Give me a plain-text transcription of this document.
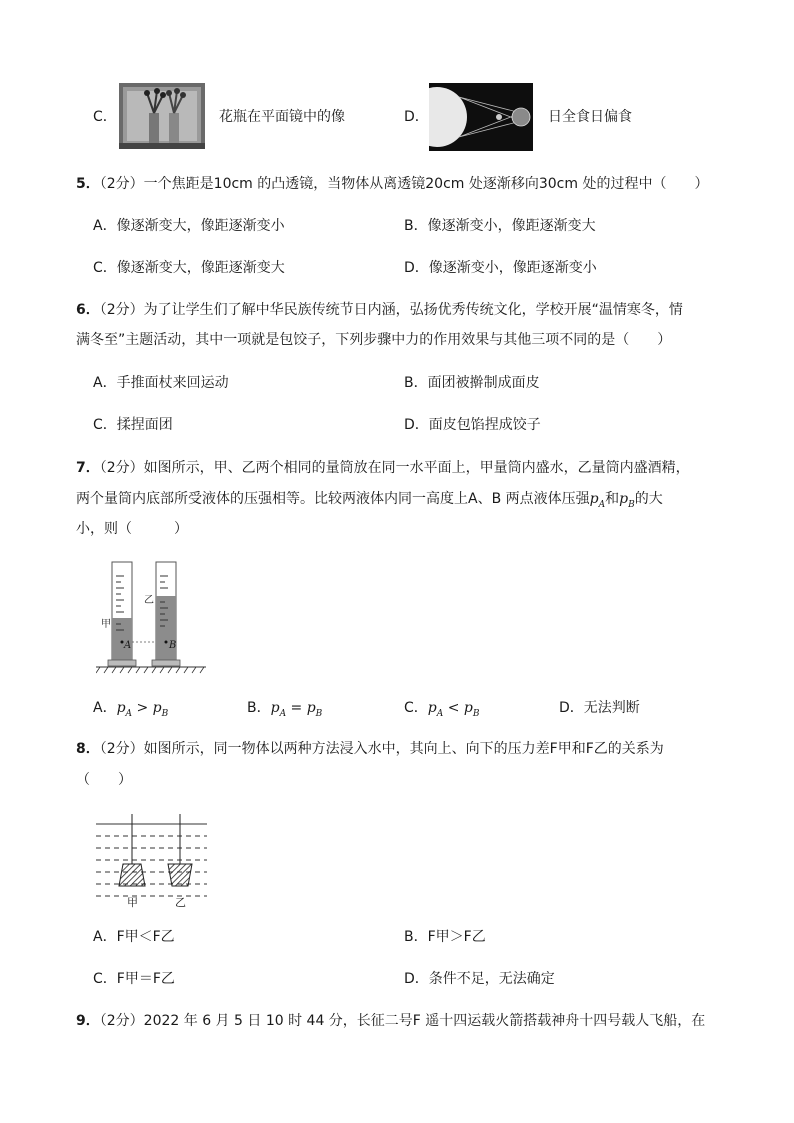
C．	花瓶在平面镜中的像	D．	日全食日偏食
5．（2分）一个焦距是10cm 的凸透镜，当物体从离透镜20cm 处逐渐移向30cm 处的过程中（　　）
A．像逐渐变大，像距逐渐变小	B．像逐渐变小，像距逐渐变大
C．像逐渐变大，像距逐渐变大	D．像逐渐变小，像距逐渐变小
6．（2分）为了让学生们了解中华民族传统节日内涵，弘扬优秀传统文化，学校开展“温情寒冬，情
满冬至”主题活动，其中一项就是包饺子，下列步骤中力的作用效果与其他三项不同的是（　　）
A．手推面杖来回运动	B．面团被擀制成面皮
C．揉捏面团	D．面皮包馅捏成饺子
7．（2分）如图所示，甲、乙两个相同的量筒放在同一水平面上，甲量筒内盛水，乙量筒内盛酒精，
两个量筒内底部所受液体的压强相等。比较两液体内同一高度上A、B 两点液体压强$p_A$和$p_B$的大
小，则（　　　）
甲
乙
A	B
A．$p_A > p_B$	B．$p_A = p_B$	C．$p_A < p_B$	D．无法判断
8．（2分）如图所示，同一物体以两种方法浸入水中，其向上、向下的压力差F甲和F乙的关系为
（　　）
甲	乙
A．F甲＜F乙	B．F甲＞F乙
C．F甲＝F乙	D．条件不足，无法确定
9．（2分）2022 年 6 月 5 日 10 时 44 分，长征二号F 遥十四运载火箭搭载神舟十四号载人飞船，在
